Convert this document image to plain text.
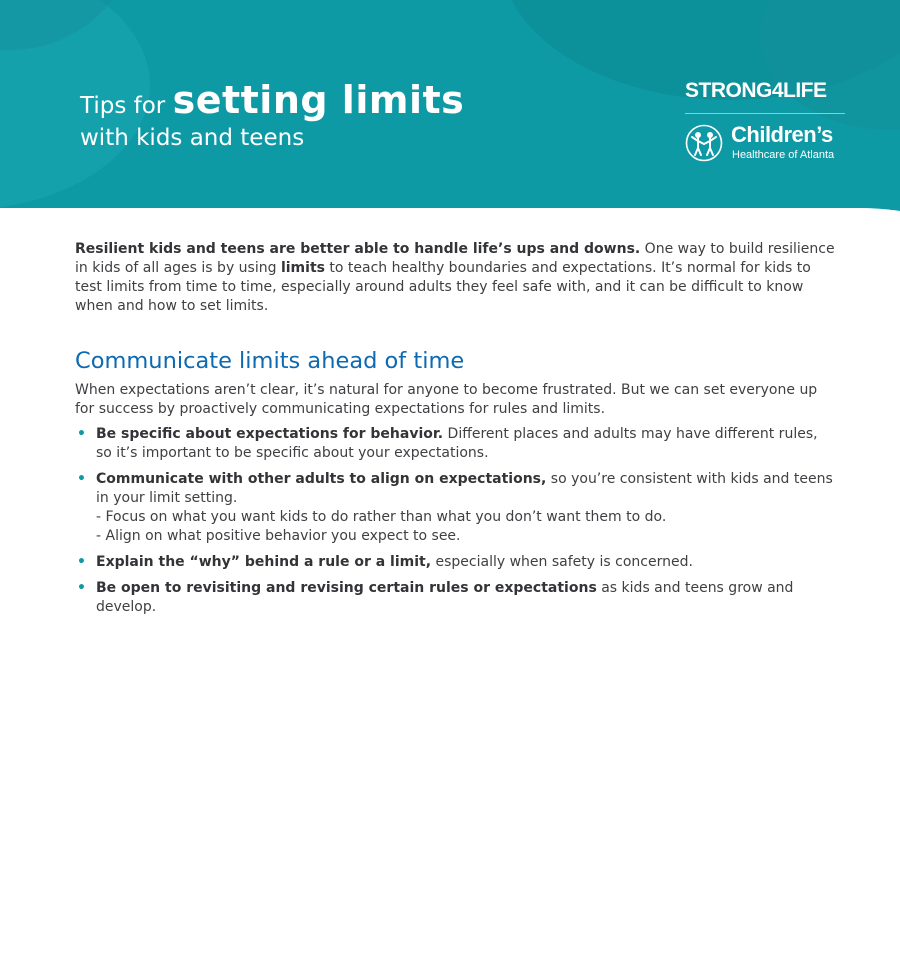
Tips for setting limits
with kids and teens
STRONG4LIFE
Children’s
Healthcare of Atlanta

Resilient kids and teens are better able to handle life’s ups and downs. One way to build resilience in kids of all ages is by using limits to teach healthy boundaries and expectations. It’s normal for kids to test limits from time to time, especially around adults they feel safe with, and it can be difficult to know when and how to set limits.

Communicate limits ahead of time

When expectations aren’t clear, it’s natural for anyone to become frustrated. But we can set everyone up for success by proactively communicating expectations for rules and limits.

• Be specific about expectations for behavior. Different places and adults may have different rules, so it’s important to be specific about your expectations.
• Communicate with other adults to align on expectations, so you’re consistent with kids and teens in your limit setting.
- Focus on what you want kids to do rather than what you don’t want them to do.
- Align on what positive behavior you expect to see.
• Explain the “why” behind a rule or a limit, especially when safety is concerned.
• Be open to revisiting and revising certain rules or expectations as kids and teens grow and develop.
